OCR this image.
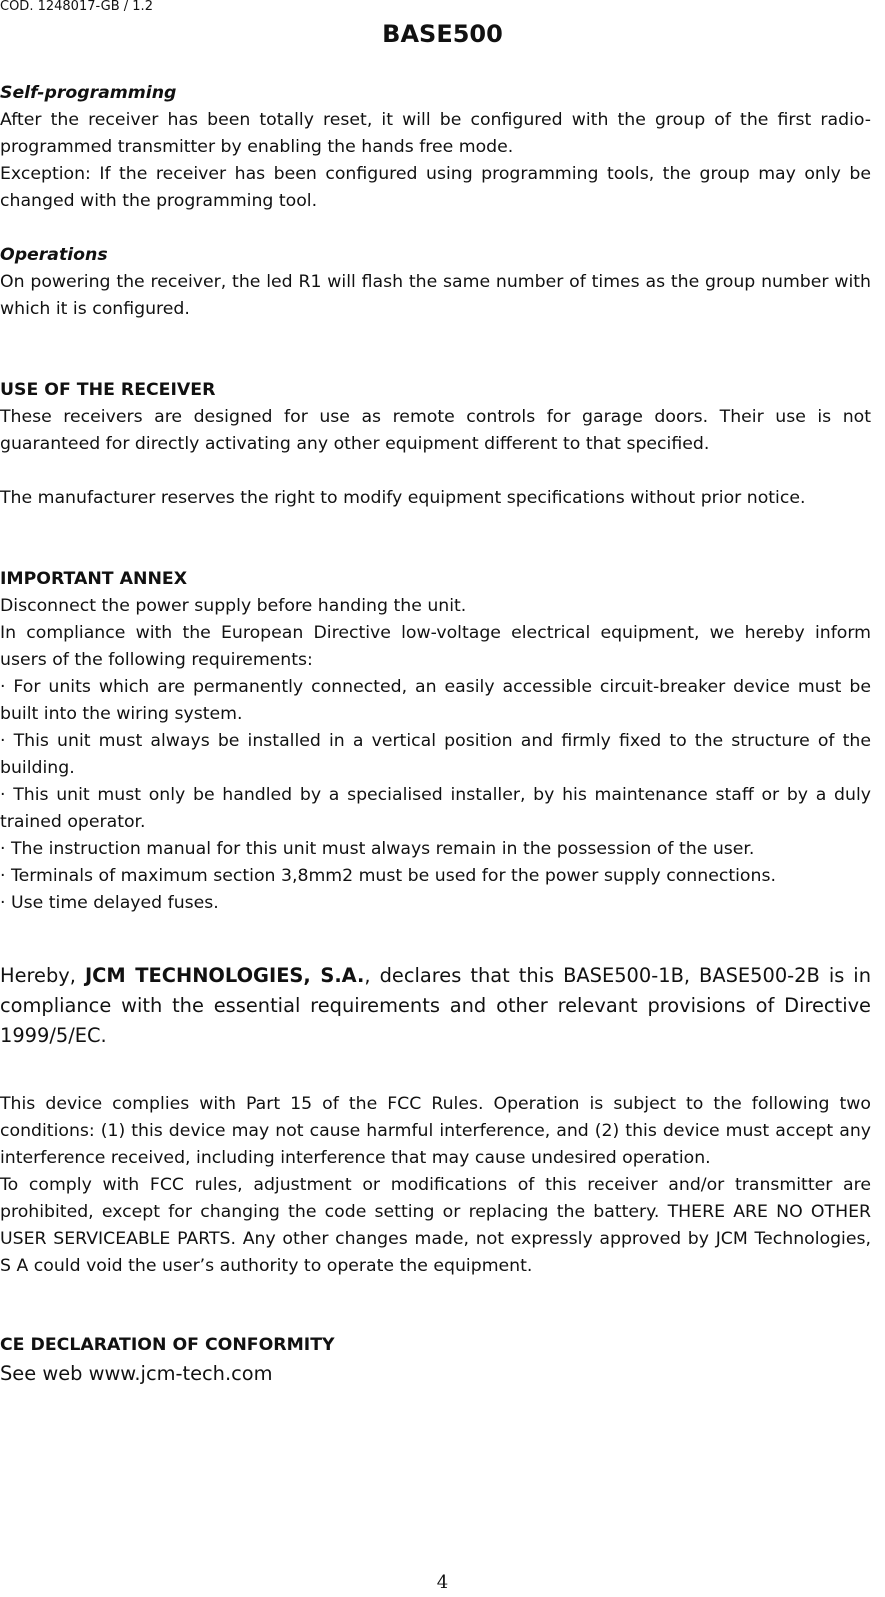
COD. 1248017-GB / 1.2
BASE500

Self-programming

After the receiver has been totally reset, it will be configured with the group of the first radio-programmed transmitter by enabling the hands free mode.

Exception: If the receiver has been configured using programming tools, the group may only be changed with the programming tool.

Operations

On powering the receiver, the led R1 will flash the same number of times as the group number with which it is configured.

USE OF THE RECEIVER

These receivers are designed for use as remote controls for garage doors. Their use is not guaranteed for directly activating any other equipment different to that specified.

The manufacturer reserves the right to modify equipment specifications without prior notice.

IMPORTANT ANNEX

Disconnect the power supply before handing the unit.

In compliance with the European Directive low-voltage electrical equipment, we hereby inform users of the following requirements:

· For units which are permanently connected, an easily accessible circuit-breaker device must be built into the wiring system.

· This unit must always be installed in a vertical position and firmly fixed to the structure of the building.

· This unit must only be handled by a specialised installer, by his maintenance staff or by a duly trained operator.

· The instruction manual for this unit must always remain in the possession of the user.

· Terminals of maximum section 3,8mm2 must be used for the power supply connections.

· Use time delayed fuses.

Hereby, JCM TECHNOLOGIES, S.A., declares that this BASE500-1B, BASE500-2B is in compliance with the essential requirements and other relevant provisions of Directive 1999/5/EC.

This device complies with Part 15 of the FCC Rules. Operation is subject to the following two conditions: (1) this device may not cause harmful interference, and (2) this device must accept any interference received, including interference that may cause undesired operation.

To comply with FCC rules, adjustment or modifications of this receiver and/or transmitter are prohibited, except for changing the code setting or replacing the battery. THERE ARE NO OTHER USER SERVICEABLE PARTS. Any other changes made, not expressly approved by JCM Technologies, S A could void the user’s authority to operate the equipment.

CE DECLARATION OF CONFORMITY

See web www.jcm-tech.com

4
